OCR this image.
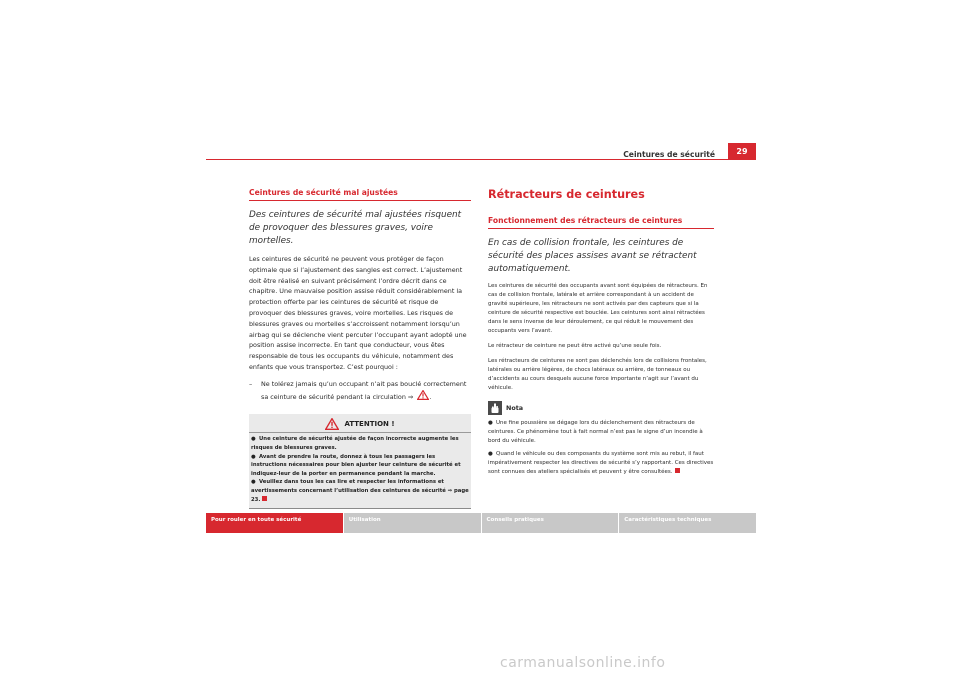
Ceintures de sécurité	29
Ceintures de sécurité mal ajustées
Des ceintures de sécurité mal ajustées risquent de provoquer des blessures graves, voire mortelles.
Les ceintures de sécurité ne peuvent vous protéger de façon optimale que si l’ajustement des sangles est correct. L’ajustement doit être réalisé en suivant précisément l’ordre décrit dans ce chapitre. Une mauvaise position assise réduit considérablement la protection offerte par les ceintures de sécurité et risque de provoquer des blessures graves, voire mortelles. Les risques de blessures graves ou mortelles s’accroissent notamment lorsqu’un airbag qui se déclenche vient percuter l’occupant ayant adopté une position assise incorrecte. En tant que conducteur, vous êtes responsable de tous les occupants du véhicule, notamment des enfants que vous transportez. C’est pourquoi :
–	Ne tolérez jamais qu’un occupant n’ait pas bouclé correctement sa ceinture de sécurité pendant la circulation ⇒	.
ATTENTION !
● Une ceinture de sécurité ajustée de façon incorrecte augmente les risques de blessures graves.
● Avant de prendre la route, donnez à tous les passagers les instructions nécessaires pour bien ajuster leur ceinture de sécurité et indiquez-leur de la porter en permanence pendant la marche.
● Veuillez dans tous les cas lire et respecter les informations et avertissements concernant l’utilisation des ceintures de sécurité ⇒ page 23.
Rétracteurs de ceintures
Fonctionnement des rétracteurs de ceintures
En cas de collision frontale, les ceintures de sécurité des places assises avant se rétractent automatiquement.
Les ceintures de sécurité des occupants avant sont équipées de rétracteurs. En cas de collision frontale, latérale et arrière correspondant à un accident de gravité supérieure, les rétracteurs ne sont activés par des capteurs que si la ceinture de sécurité respective est bouclée. Les ceintures sont ainsi rétractées dans le sens inverse de leur déroulement, ce qui réduit le mouvement des occupants vers l’avant.
Le rétracteur de ceinture ne peut être activé qu’une seule fois.
Les rétracteurs de ceintures ne sont pas déclenchés lors de collisions frontales, latérales ou arrière légères, de chocs latéraux ou arrière, de tonneaux ou d’accidents au cours desquels aucune force importante n’agit sur l’avant du véhicule.
Nota
● Une fine poussière se dégage lors du déclenchement des rétracteurs de ceintures. Ce phénomène tout à fait normal n’est pas le signe d’un incendie à bord du véhicule.
● Quand le véhicule ou des composants du système sont mis au rebut, il faut impérativement respecter les directives de sécurité s’y rapportant. Ces directives sont connues des ateliers spécialisés et peuvent y être consultées.
Pour rouler en toute sécurité	Utilisation	Conseils pratiques	Caractéristiques techniques
carmanualsonline.info
